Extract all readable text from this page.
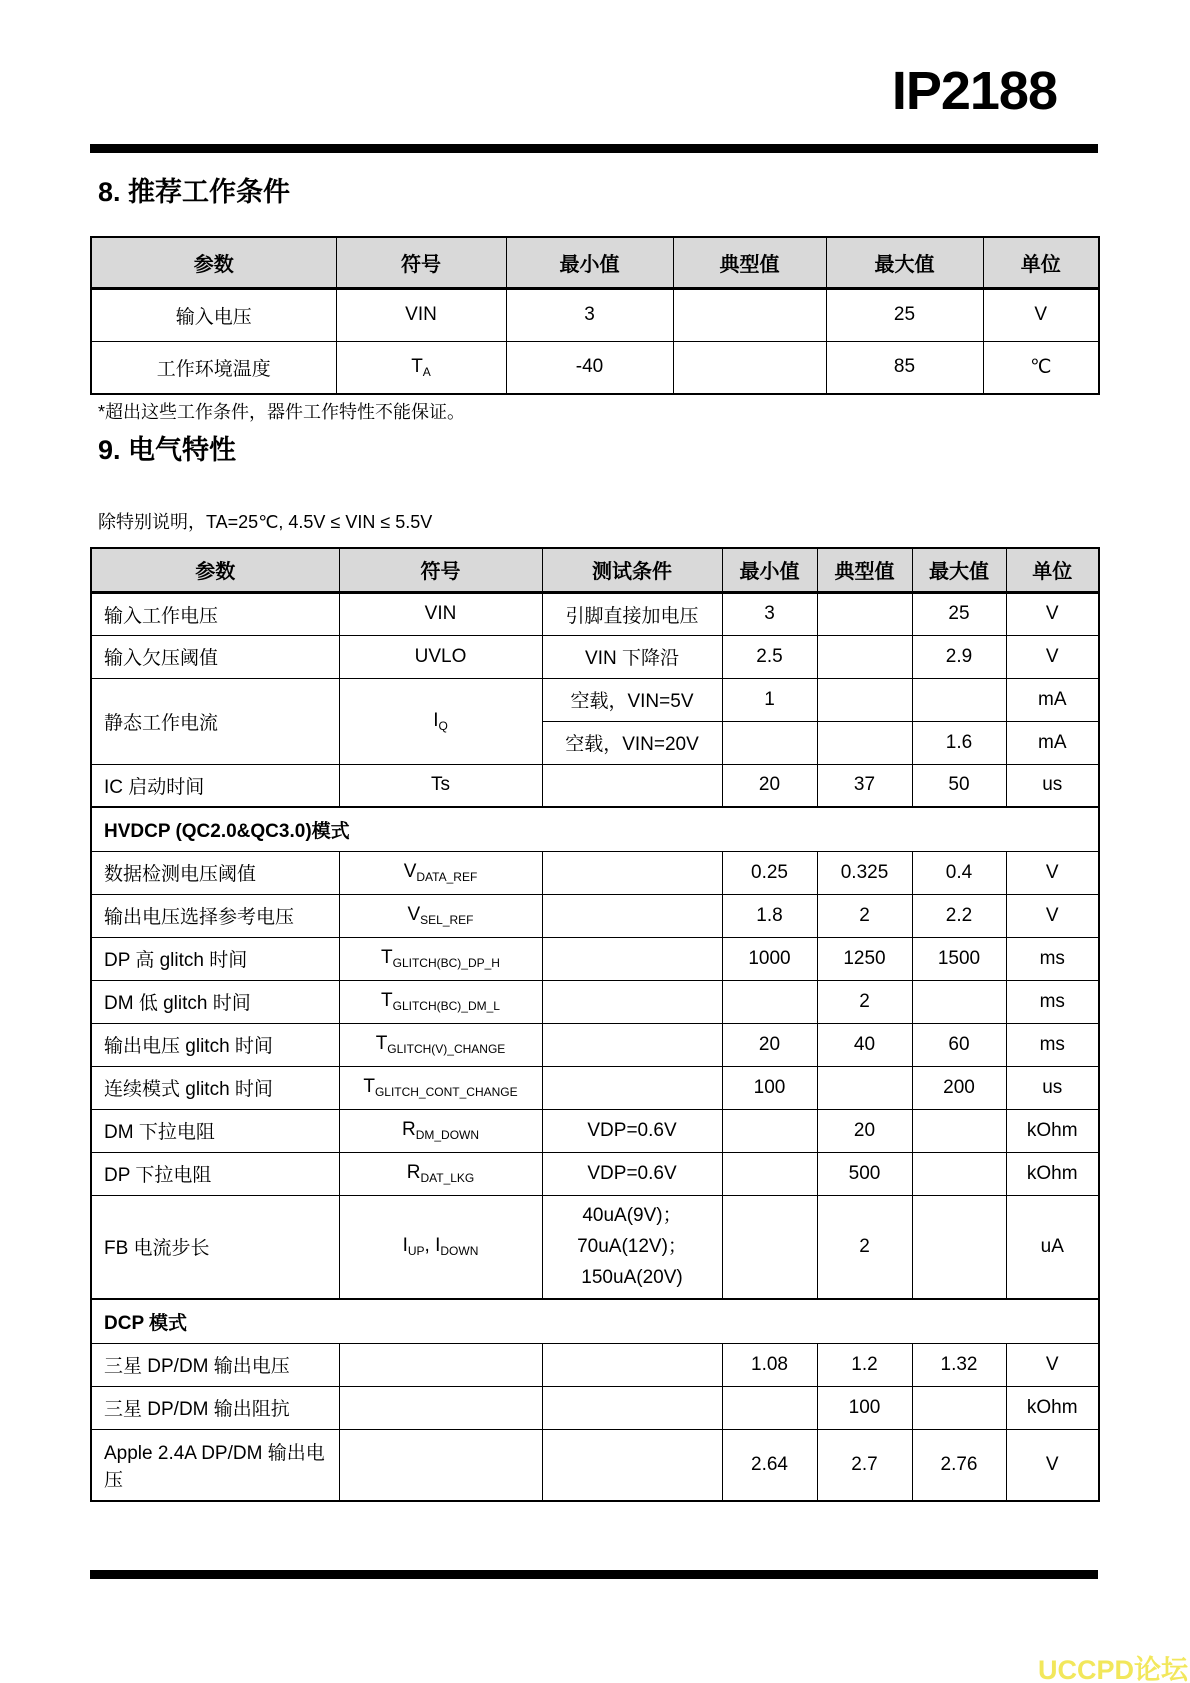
IP2188
8. 推荐工作条件
参数	符号	最小值	典型值	最大值	单位
输入电压	VIN	3		25	V
工作环境温度	$T_A$	-40		85	℃
*超出这些工作条件，器件工作特性不能保证。
9. 电气特性
除特别说明，TA=25℃, 4.5V ≤ VIN ≤ 5.5V
参数	符号	测试条件	最小值	典型值	最大值	单位
输入工作电压	VIN	引脚直接加电压	3		25	V
输入欠压阈值	UVLO	VIN 下降沿	2.5		2.9	V
静态工作电流	$I_Q$	空载，VIN=5V	1			mA
		空载，VIN=20V			1.6	mA
IC 启动时间	Ts		20	37	50	us
HVDCP (QC2.0&QC3.0)模式						
数据检测电压阈值	$V_{DATA\_REF}$		0.25	0.325	0.4	V
输出电压选择参考电压	$V_{SEL\_REF}$		1.8	2	2.2	V
DP 高 glitch 时间	$T_{GLITCH(BC)\_DP\_H}$		1000	1250	1500	ms
DM 低 glitch 时间	$T_{GLITCH(BC)\_DM\_L}$			2		ms
输出电压 glitch 时间	$T_{GLITCH(V)\_CHANGE}$		20	40	60	ms
连续模式 glitch 时间	$T_{GLITCH\_CONT\_CHANGE}$		100		200	us
DM 下拉电阻	$R_{DM\_DOWN}$	VDP=0.6V		20		kOhm
DP 下拉电阻	$R_{DAT\_LKG}$	VDP=0.6V		500		kOhm
FB 电流步长	$I_{UP}$, $I_{DOWN}$	40uA(9V)；
70uA(12V)；
150uA(20V)		2		uA
DCP 模式						
三星 DP/DM 输出电压			1.08	1.2	1.32	V
三星 DP/DM 输出阻抗				100		kOhm
Apple 2.4A DP/DM 输出电压			2.64	2.7	2.76	V
UCCPD论坛
